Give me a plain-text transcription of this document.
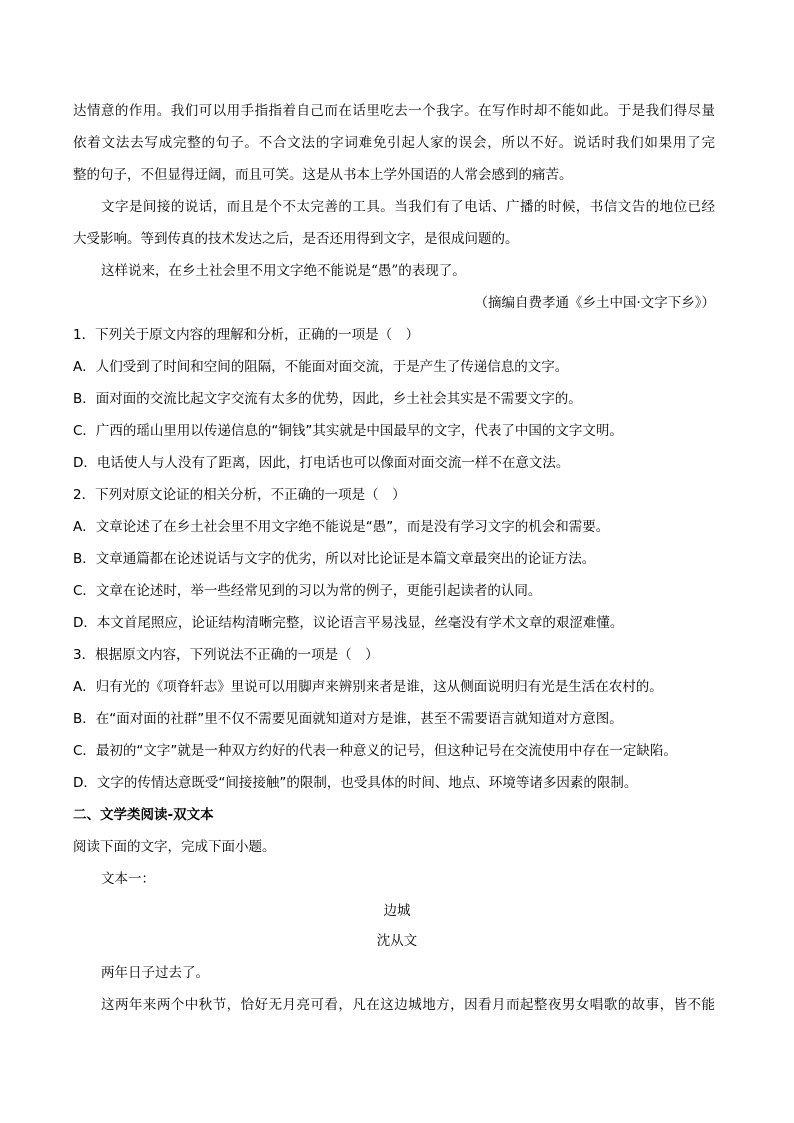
达情意的作用。我们可以用手指指着自己而在话里吃去一个我字。在写作时却不能如此。于是我们得尽量
依着文法去写成完整的句子。不合文法的字词难免引起人家的误会，所以不好。说话时我们如果用了完
整的句子，不但显得迂阔，而且可笑。这是从书本上学外国语的人常会感到的痛苦。
文字是间接的说话，而且是个不太完善的工具。当我们有了电话、广播的时候，书信文告的地位已经
大受影响。等到传真的技术发达之后，是否还用得到文字，是很成问题的。
这样说来，在乡土社会里不用文字绝不能说是“愚”的表现了。
（摘编自费孝通《乡土中国·文字下乡》）
1．下列关于原文内容的理解和分析，正确的一项是（　）
A．人们受到了时间和空间的阻隔，不能面对面交流，于是产生了传递信息的文字。
B．面对面的交流比起文字交流有太多的优势，因此，乡土社会其实是不需要文字的。
C．广西的瑶山里用以传递信息的“铜钱”其实就是中国最早的文字，代表了中国的文字文明。
D．电话使人与人没有了距离，因此，打电话也可以像面对面交流一样不在意文法。
2．下列对原文论证的相关分析，不正确的一项是（　）
A．文章论述了在乡土社会里不用文字绝不能说是“愚”，而是没有学习文字的机会和需要。
B．文章通篇都在论述说话与文字的优劣，所以对比论证是本篇文章最突出的论证方法。
C．文章在论述时，举一些经常见到的习以为常的例子，更能引起读者的认同。
D．本文首尾照应，论证结构清晰完整，议论语言平易浅显，丝毫没有学术文章的艰涩难懂。
3．根据原文内容，下列说法不正确的一项是（　）
A．归有光的《项脊轩志》里说可以用脚声来辨别来者是谁，这从侧面说明归有光是生活在农村的。
B．在“面对面的社群”里不仅不需要见面就知道对方是谁，甚至不需要语言就知道对方意图。
C．最初的“文字”就是一种双方约好的代表一种意义的记号，但这种记号在交流使用中存在一定缺陷。
D．文字的传情达意既受“间接接触”的限制，也受具体的时间、地点、环境等诸多因素的限制。
二、文学类阅读-双文本
阅读下面的文字，完成下面小题。
文本一：
边城
沈从文
两年日子过去了。
这两年来两个中秋节，恰好无月亮可看，凡在这边城地方，因看月而起整夜男女唱歌的故事，皆不能
